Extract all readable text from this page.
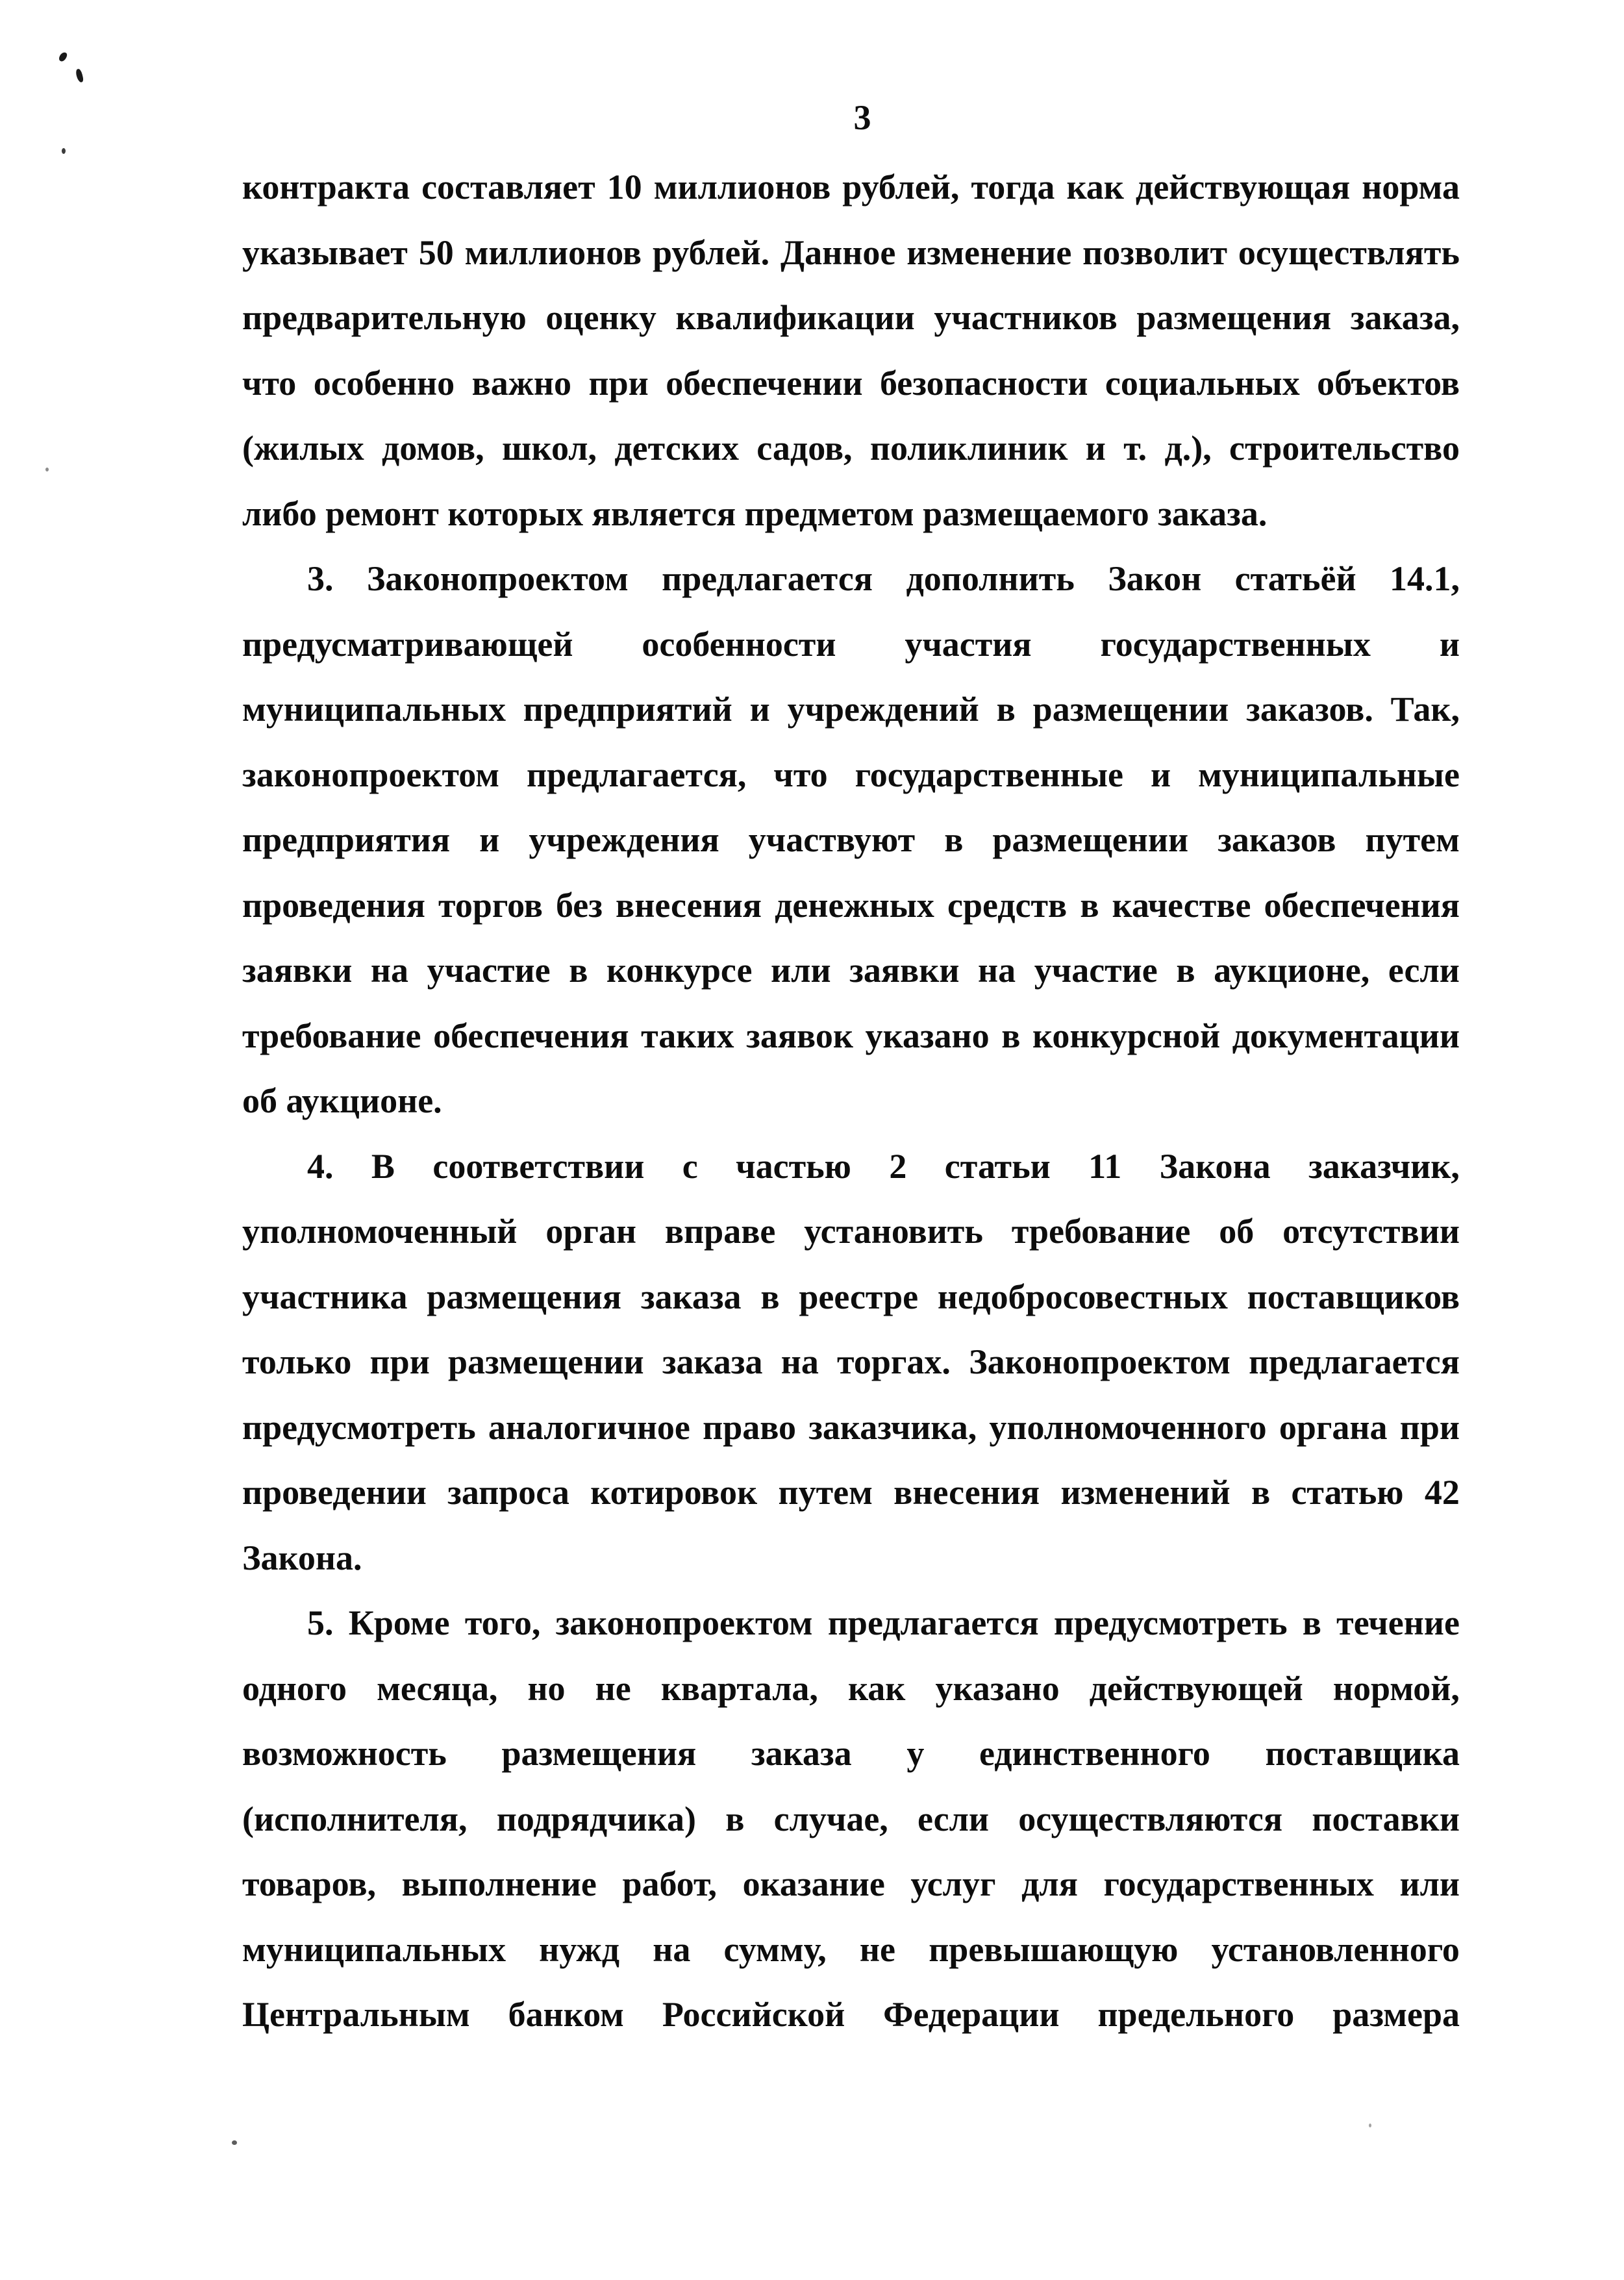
3
контракта составляет 10 миллионов рублей, тогда как действующая норма
указывает 50 миллионов рублей. Данное изменение позволит осуществлять
предварительную оценку квалификации участников размещения заказа,
что особенно важно при обеспечении безопасности социальных объектов
(жилых домов, школ, детских садов, поликлиник и т. д.), строительство
либо ремонт которых является предметом размещаемого заказа.
3. Законопроектом предлагается дополнить Закон статьёй 14.1,
предусматривающей особенности участия государственных и
муниципальных предприятий и учреждений в размещении заказов. Так,
законопроектом предлагается, что государственные и муниципальные
предприятия и учреждения участвуют в размещении заказов путем
проведения торгов без внесения денежных средств в качестве обеспечения
заявки на участие в конкурсе или заявки на участие в аукционе, если
требование обеспечения таких заявок указано в конкурсной документации
об аукционе.
4. В соответствии с частью 2 статьи 11 Закона заказчик,
уполномоченный орган вправе установить требование об отсутствии
участника размещения заказа в реестре недобросовестных поставщиков
только при размещении заказа на торгах. Законопроектом предлагается
предусмотреть аналогичное право заказчика, уполномоченного органа при
проведении запроса котировок путем внесения изменений в статью 42
Закона.
5. Кроме того, законопроектом предлагается предусмотреть в течение
одного месяца, но не квартала, как указано действующей нормой,
возможность размещения заказа у единственного поставщика
(исполнителя, подрядчика) в случае, если осуществляются поставки
товаров, выполнение работ, оказание услуг для государственных или
муниципальных нужд на сумму, не превышающую установленного
Центральным банком Российской Федерации предельного размера
